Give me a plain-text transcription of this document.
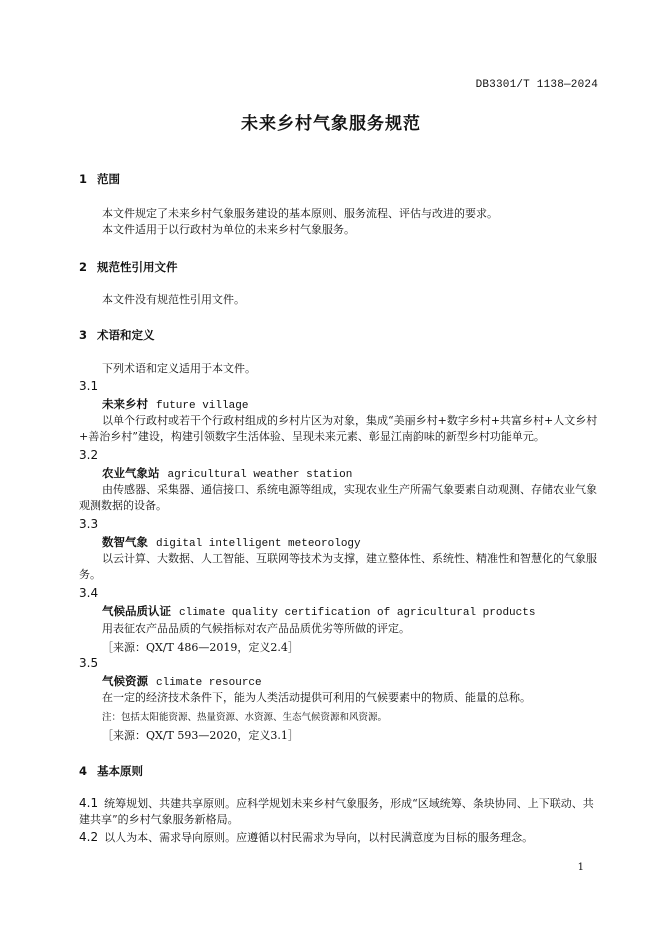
DB3301/T 1138—2024
未来乡村气象服务规范
1 范围
本文件规定了未来乡村气象服务建设的基本原则、服务流程、评估与改进的要求。
本文件适用于以行政村为单位的未来乡村气象服务。
2 规范性引用文件
本文件没有规范性引用文件。
3 术语和定义
下列术语和定义适用于本文件。
3.1
未来乡村 future village
以单个行政村或若干个行政村组成的乡村片区为对象，集成“美丽乡村+数字乡村+共富乡村+人文乡村+善治乡村”建设，构建引领数字生活体验、呈现未来元素、彰显江南韵味的新型乡村功能单元。
3.2
农业气象站 agricultural weather station
由传感器、采集器、通信接口、系统电源等组成，实现农业生产所需气象要素自动观测、存储农业气象观测数据的设备。
3.3
数智气象 digital intelligent meteorology
以云计算、大数据、人工智能、互联网等技术为支撑，建立整体性、系统性、精准性和智慧化的气象服务。
3.4
气候品质认证 climate quality certification of agricultural products
用表征农产品品质的气候指标对农产品品质优劣等所做的评定。
［来源：QX/T 486—2019，定义2.4］
3.5
气候资源 climate resource
在一定的经济技术条件下，能为人类活动提供可利用的气候要素中的物质、能量的总称。
注：包括太阳能资源、热量资源、水资源、生态气候资源和风资源。
［来源：QX/T 593—2020，定义3.1］
4 基本原则
4.1 统筹规划、共建共享原则。应科学规划未来乡村气象服务，形成“区域统筹、条块协同、上下联动、共建共享”的乡村气象服务新格局。
4.2 以人为本、需求导向原则。应遵循以村民需求为导向，以村民满意度为目标的服务理念。
1
